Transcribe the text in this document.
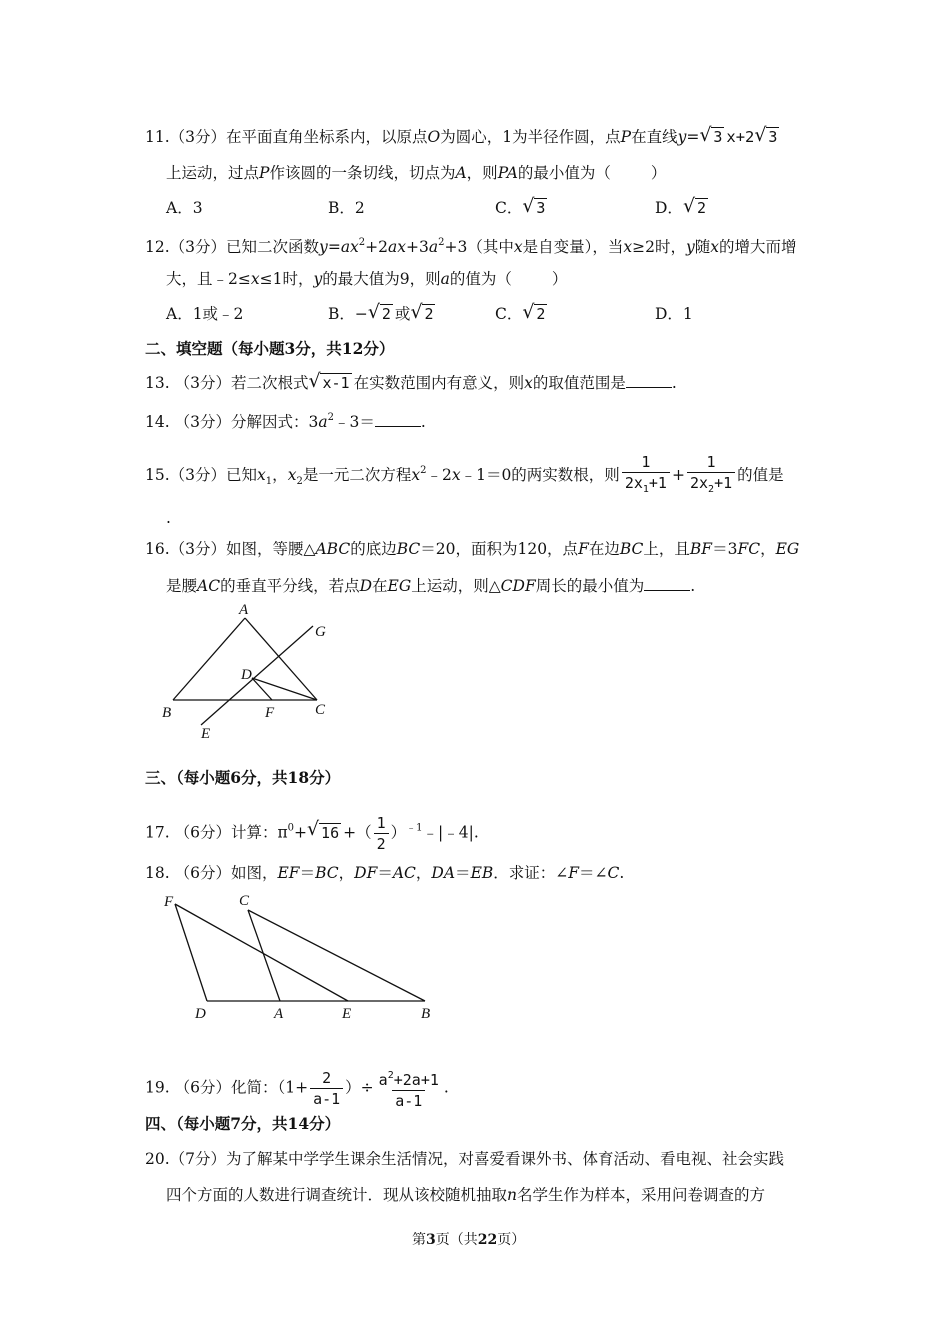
11.（3分）在平面直角坐标系内，以原点O为圆心，1为半径作圆，点P在直线y= √ 3 x+2 √ 3
上运动，过点P作该圆的一条切线，切点为A，则PA的最小值为（	）
A．3	B．2	C． √ 3	D． √ 2
12.（3分）已知二次函数$y=ax^2+2ax+3a^2+3$（其中x是自变量），当x≥2时，y随x的增大而增
大，且﹣2≤x≤1时，y的最大值为9，则a的值为（	）
A．1或﹣2	B．− √ 2 或 √ 2	C． √ 2	D．1
二、填空题（每小题3分，共12分）
13. （3分）若二次根式 √ x-1 在实数范围内有意义，则x的取值范围是	.
14. （3分）分解因式：$3a^2﹣3=$	.
15.（3分）已知$x_1$，$x_2$是一元二次方程$x^2﹣2x﹣1=0$的两实数根，则 $\frac{1}{2x_1+1} + \frac{1}{2x_2+1}$ 的值是
.
16.（3分）如图，等腰△ABC的底边BC＝20，面积为120，点F在边BC上，且BF＝3FC，EG
是腰AC的垂直平分线，若点D在EG上运动，则△CDF周长的最小值为	.
A
G
D
B	F	C
E
三、（每小题6分，共18分）
17. （6分）计算：$\pi^0+$ √ 16 +（ $\frac{1}{2}$ ）$^{﹣1}$﹣|﹣4|.
18. （6分）如图，EF＝BC，DF＝AC，DA＝EB．求证：∠F＝∠C.
F	C
D	A	E	B
19. （6分）化简：（$1+ \frac{2}{a-1}$ ）÷ $\frac{a^2+2a+1}{a-1}$ .
四、（每小题7分，共14分）
20.（7分）为了解某中学学生课余生活情况，对喜爱看课外书、体育活动、看电视、社会实践
四个方面的人数进行调查统计．现从该校随机抽取n名学生作为样本，采用问卷调查的方
第3页（共22页）
